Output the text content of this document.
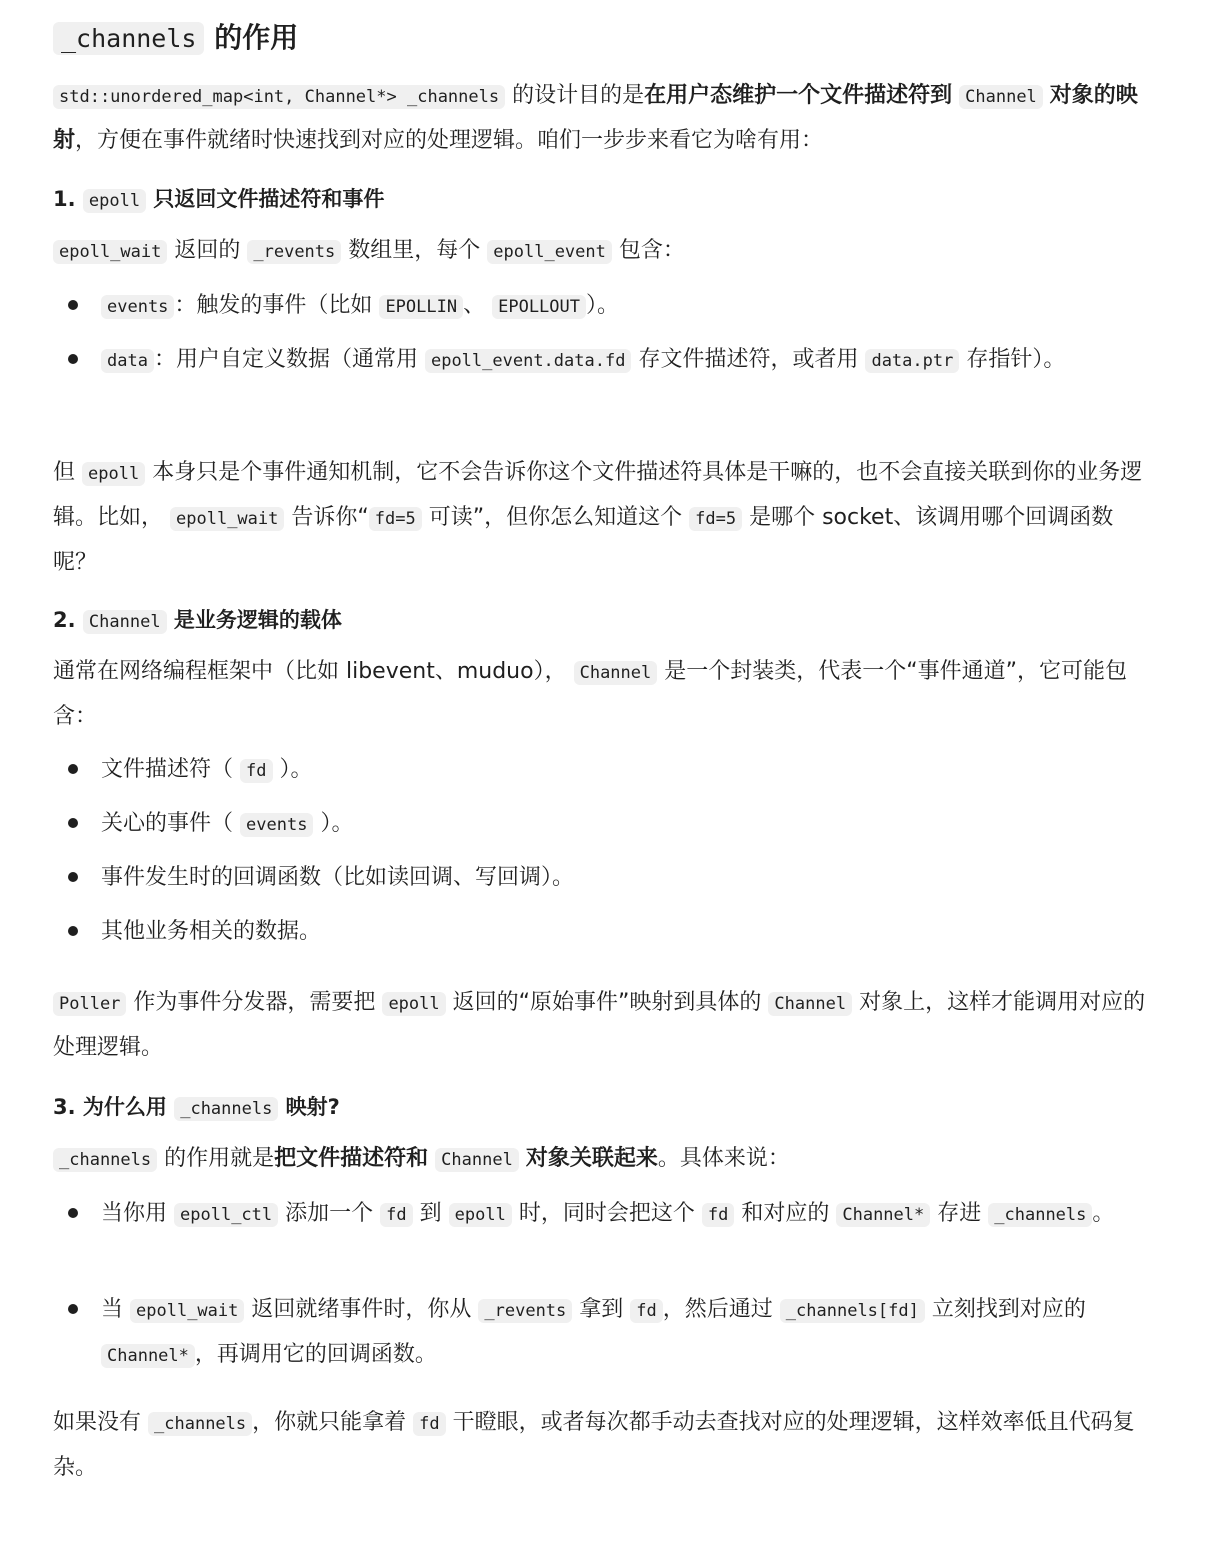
_channels 的作用

std::unordered_map<int, Channel*> _channels 的设计目的是在用户态维护一个文件描述符到 Channel 对象的映射，方便在事件就绪时快速找到对应的处理逻辑。咱们一步步来看它为啥有用：

1. epoll 只返回文件描述符和事件

epoll_wait 返回的 _revents 数组里，每个 epoll_event 包含：

events ：触发的事件（比如 EPOLLIN 、 EPOLLOUT ）。

data ：用户自定义数据（通常用 epoll_event.data.fd 存文件描述符，或者用 data.ptr 存指针）。

但 epoll 本身只是个事件通知机制，它不会告诉你这个文件描述符具体是干嘛的，也不会直接关联到你的业务逻辑。比如， epoll_wait 告诉你“ fd=5 可读”，但你怎么知道这个 fd=5 是哪个 socket、该调用哪个回调函数呢？

2. Channel 是业务逻辑的载体

通常在网络编程框架中（比如 libevent、muduo）， Channel 是一个封装类，代表一个“事件通道”，它可能包含：

文件描述符（ fd ）。

关心的事件（ events ）。

事件发生时的回调函数（比如读回调、写回调）。

其他业务相关的数据。

Poller 作为事件分发器，需要把 epoll 返回的“原始事件”映射到具体的 Channel 对象上，这样才能调用对应的处理逻辑。

3. 为什么用 _channels 映射?

_channels 的作用就是把文件描述符和 Channel 对象关联起来。具体来说：

当你用 epoll_ctl 添加一个 fd 到 epoll 时，同时会把这个 fd 和对应的 Channel* 存进 _channels 。

当 epoll_wait 返回就绪事件时，你从 _revents 拿到 fd ，然后通过 _channels[fd] 立刻找到对应的 Channel* ，再调用它的回调函数。

如果没有 _channels ，你就只能拿着 fd 干瞪眼，或者每次都手动去查找对应的处理逻辑，这样效率低且代码复杂。
